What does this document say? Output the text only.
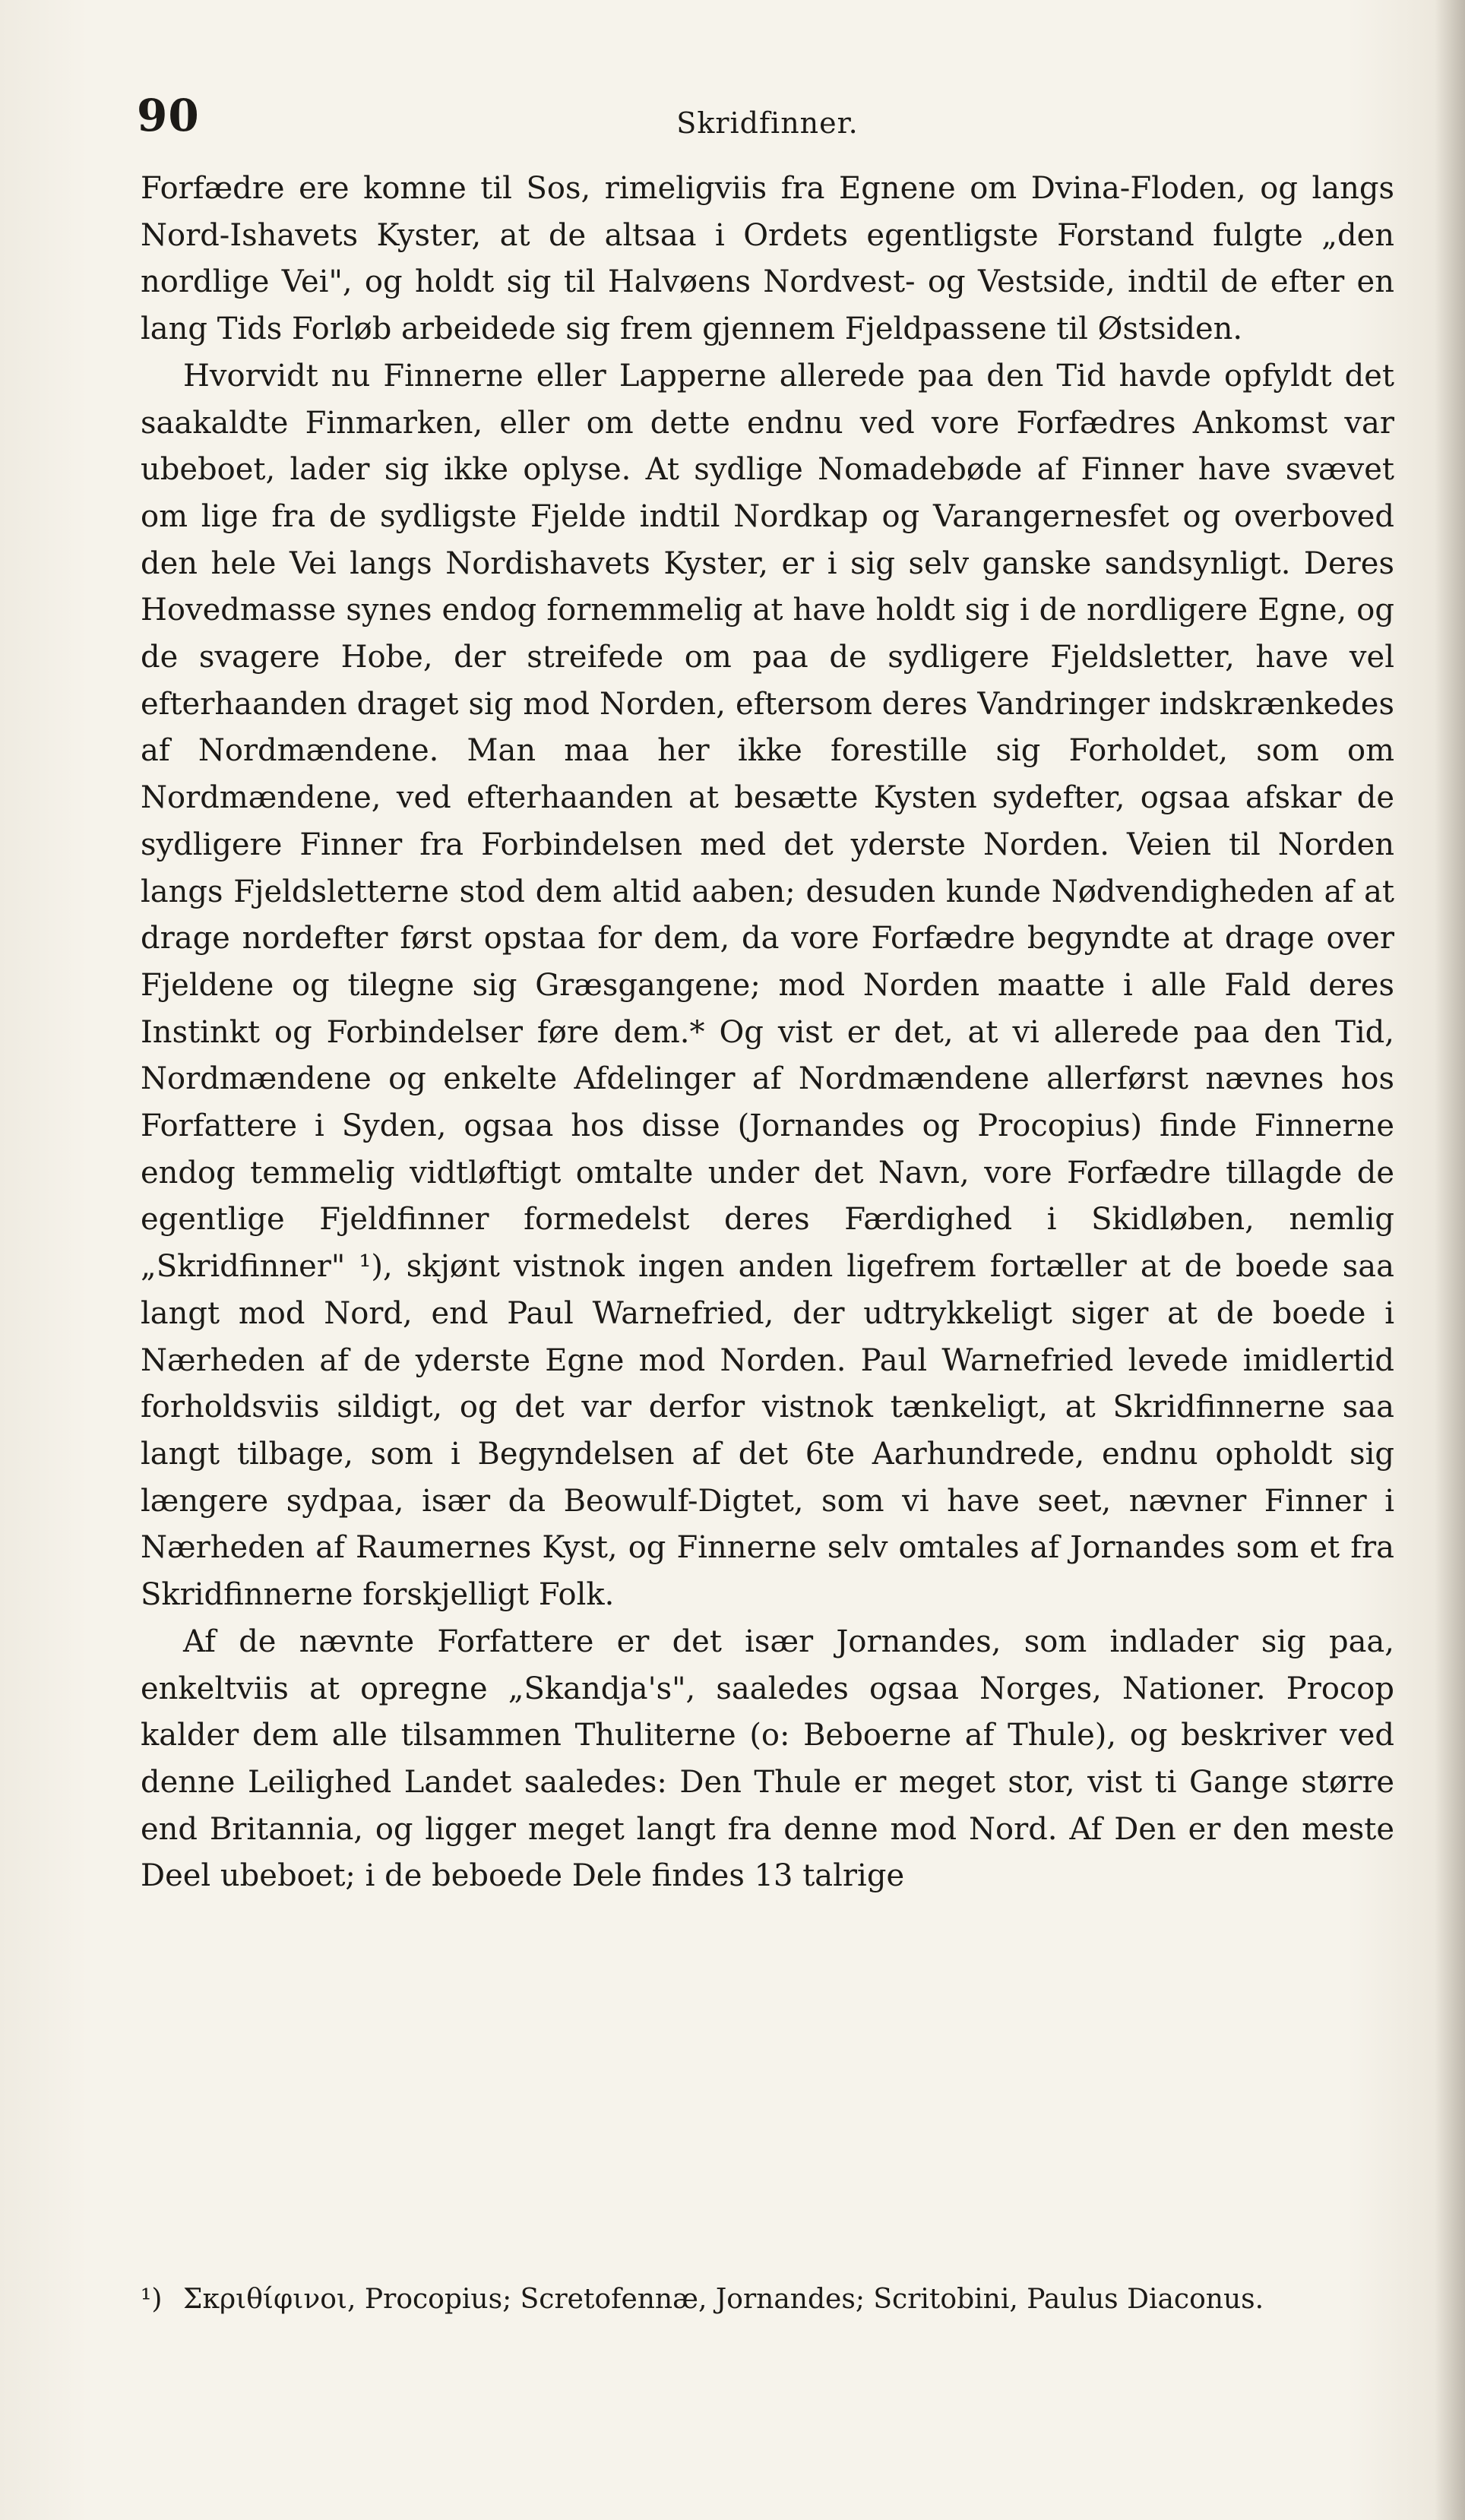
90	Skridfinner.

Forfædre ere komne til Sos, rimeligviis fra Egnene om Dvina-Floden, og langs Nord-Ishavets Kyster, at de altsaa i Ordets egentligste Forstand fulgte „den nordlige Vei", og holdt sig til Halvøens Nordvest- og Vestside, indtil de efter en lang Tids Forløb arbeidede sig frem gjennem Fjeldpassene til Østsiden.

Hvorvidt nu Finnerne eller Lapperne allerede paa den Tid havde opfyldt det saakaldte Finmarken, eller om dette endnu ved vore Forfædres Ankomst var ubeboet, lader sig ikke oplyse. At sydlige Nomadebøde af Finner have svævet om lige fra de sydligste Fjelde indtil Nordkap og Varangernesfet og overboved den hele Vei langs Nordishavets Kyster, er i sig selv ganske sandsynligt. Deres Hovedmasse synes endog fornemmelig at have holdt sig i de nordligere Egne, og de svagere Hobe, der streifede om paa de sydligere Fjeldsletter, have vel efterhaanden draget sig mod Norden, eftersom deres Vandringer indskrænkedes af Nordmændene. Man maa her ikke forestille sig Forholdet, som om Nordmændene, ved efterhaanden at besætte Kysten sydefter, ogsaa afskar de sydligere Finner fra Forbindelsen med det yderste Norden. Veien til Norden langs Fjeldsletterne stod dem altid aaben; desuden kunde Nødvendigheden af at drage nordefter først opstaa for dem, da vore Forfædre begyndte at drage over Fjeldene og tilegne sig Græsgangene; mod Norden maatte i alle Fald deres Instinkt og Forbindelser føre dem.* Og vist er det, at vi allerede paa den Tid, Nordmændene og enkelte Afdelinger af Nordmændene allerførst nævnes hos Forfattere i Syden, ogsaa hos disse (Jornandes og Procopius) finde Finnerne endog temmelig vidtløftigt omtalte under det Navn, vore Forfædre tillagde de egentlige Fjeldfinner formedelst deres Færdighed i Skidløben, nemlig „Skridfinner" ¹), skjønt vistnok ingen anden ligefrem fortæller at de boede saa langt mod Nord, end Paul Warnefried, der udtrykkeligt siger at de boede i Nærheden af de yderste Egne mod Norden. Paul Warnefried levede imidlertid forholdsviis sildigt, og det var derfor vistnok tænkeligt, at Skridfinnerne saa langt tilbage, som i Begyndelsen af det 6te Aarhundrede, endnu opholdt sig længere sydpaa, især da Beowulf-Digtet, som vi have seet, nævner Finner i Nærheden af Raumernes Kyst, og Finnerne selv omtales af Jornandes som et fra Skridfinnerne forskjelligt Folk.

Af de nævnte Forfattere er det især Jornandes, som indlader sig paa, enkeltviis at opregne „Skandja's", saaledes ogsaa Norges, Nationer. Procop kalder dem alle tilsammen Thuliterne (o: Beboerne af Thule), og beskriver ved denne Leilighed Landet saaledes: Den Thule er meget stor, vist ti Gange større end Britannia, og ligger meget langt fra denne mod Nord. Af Den er den meste Deel ubeboet; i de beboede Dele findes 13 talrige

¹) Σκριθίφινοι, Procopius; Scretofennæ, Jornandes; Scritobini, Paulus Diaconus.
